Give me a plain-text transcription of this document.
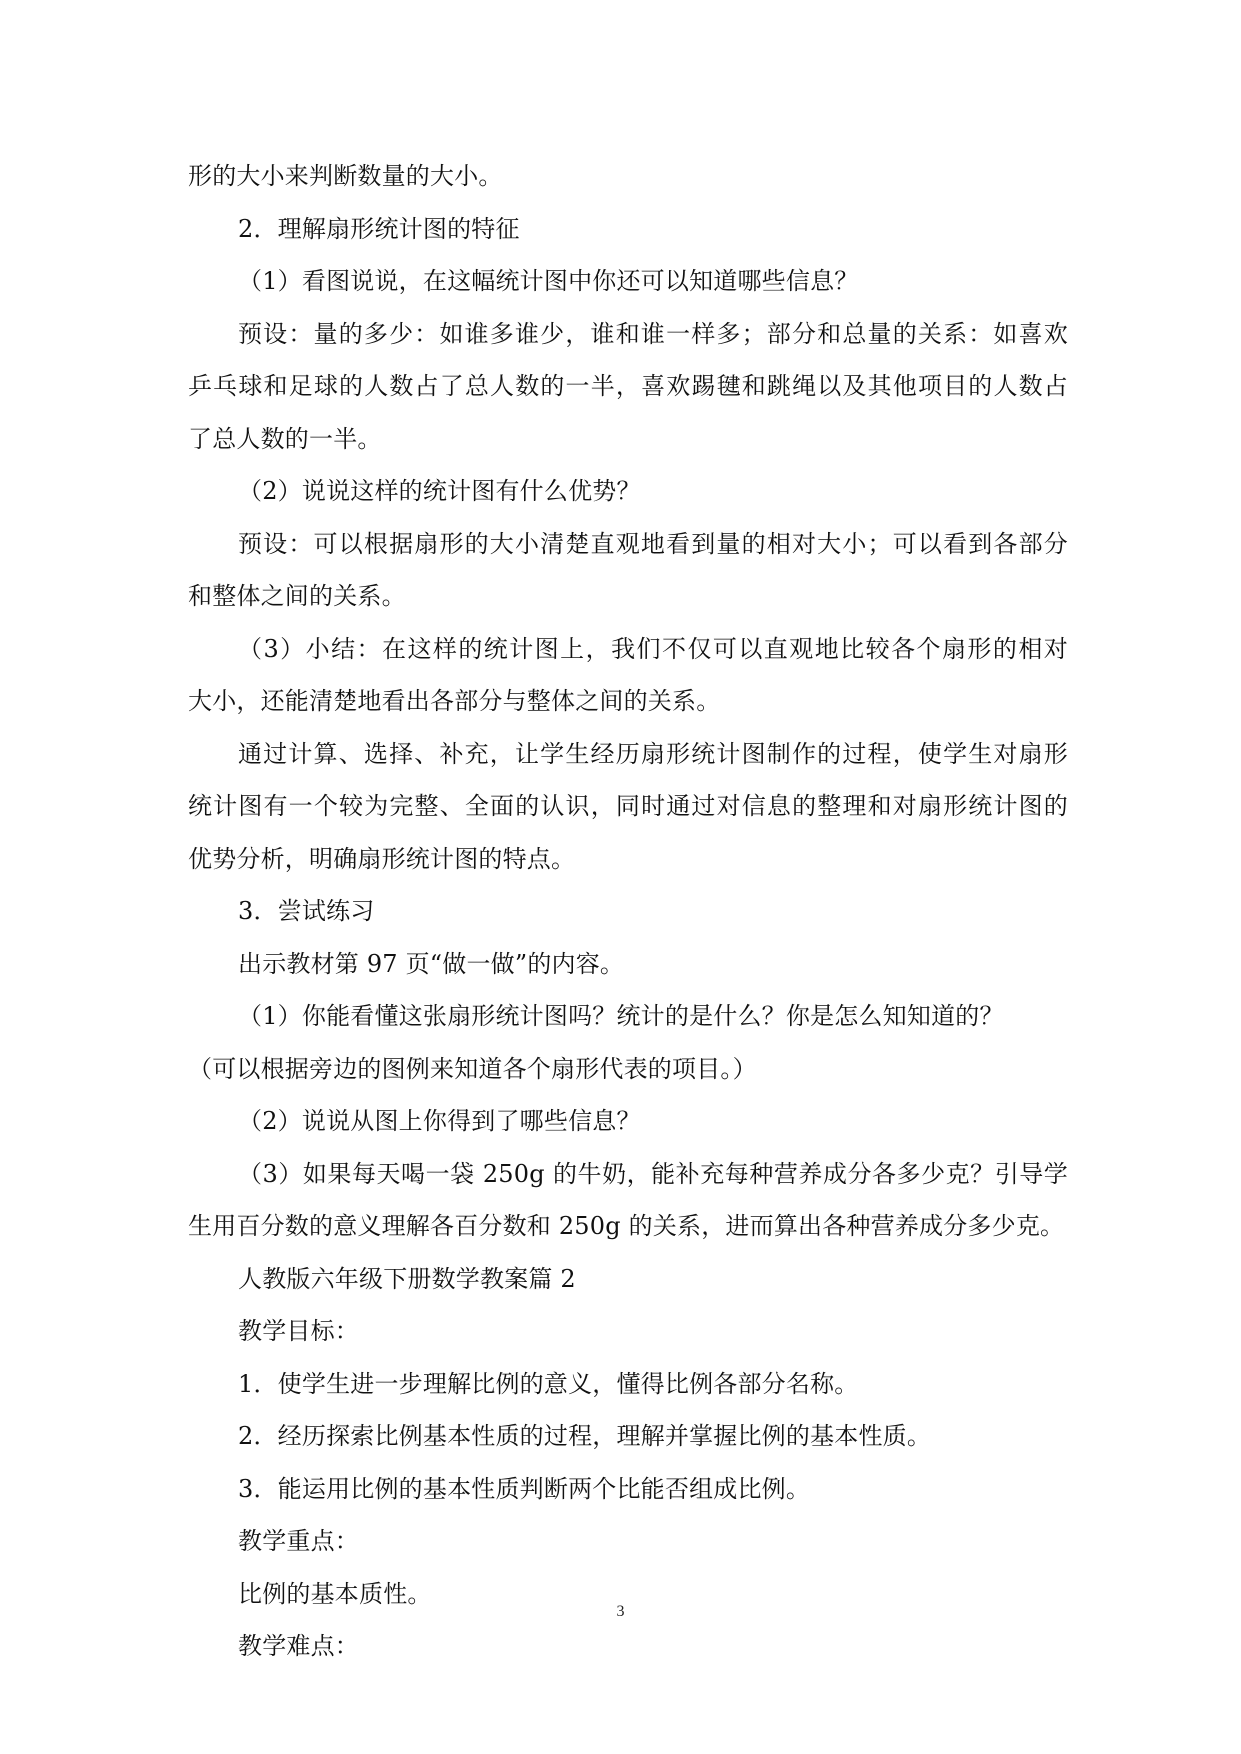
形的大小来判断数量的大小。
2．理解扇形统计图的特征
（1）看图说说，在这幅统计图中你还可以知道哪些信息？
预设：量的多少：如谁多谁少，谁和谁一样多；部分和总量的关系：如喜欢
乒乓球和足球的人数占了总人数的一半，喜欢踢毽和跳绳以及其他项目的人数占
了总人数的一半。
（2）说说这样的统计图有什么优势？
预设：可以根据扇形的大小清楚直观地看到量的相对大小；可以看到各部分
和整体之间的关系。
（3）小结：在这样的统计图上，我们不仅可以直观地比较各个扇形的相对
大小，还能清楚地看出各部分与整体之间的关系。
通过计算、选择、补充，让学生经历扇形统计图制作的过程，使学生对扇形
统计图有一个较为完整、全面的认识，同时通过对信息的整理和对扇形统计图的
优势分析，明确扇形统计图的特点。
3．尝试练习
出示教材第 97 页“做一做”的内容。
（1）你能看懂这张扇形统计图吗？统计的是什么？你是怎么知知道的？
（可以根据旁边的图例来知道各个扇形代表的项目。）
（2）说说从图上你得到了哪些信息？
（3）如果每天喝一袋 250g 的牛奶，能补充每种营养成分各多少克？引导学
生用百分数的意义理解各百分数和 250g 的关系，进而算出各种营养成分多少克。
人教版六年级下册数学教案篇 2
教学目标：
1．使学生进一步理解比例的意义，懂得比例各部分名称。
2．经历探索比例基本性质的过程，理解并掌握比例的基本性质。
3．能运用比例的基本性质判断两个比能否组成比例。
教学重点：
比例的基本质性。
教学难点：
3
